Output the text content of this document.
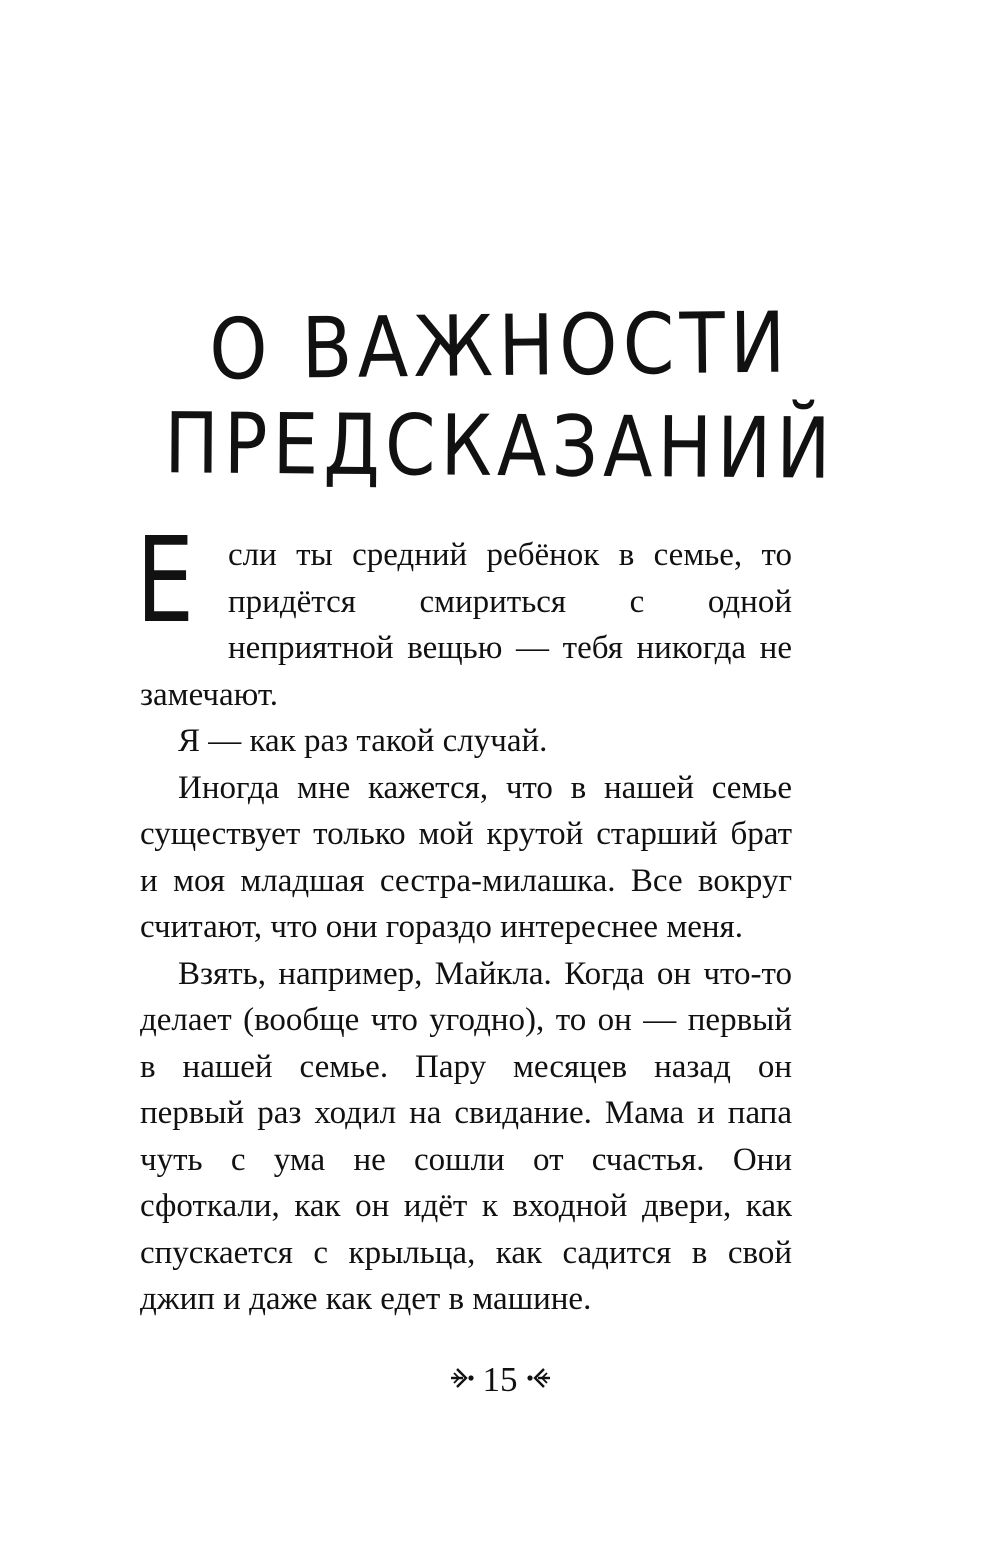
О ВАЖНОСТИ
ПРЕДСКАЗАНИЙ

Е сли ты средний ребёнок в семье, то придётся смириться с одной неприятной вещью — тебя никогда не замечают.

Я — как раз такой случай.

Иногда мне кажется, что в нашей семье существует только мой крутой старший брат и моя младшая сестра-милашка. Все вокруг считают, что они гораздо интереснее меня.

Взять, например, Майкла. Когда он что-то делает (вообще что угодно), то он — первый в нашей семье. Пару месяцев назад он первый раз ходил на свидание. Мама и папа чуть с ума не сошли от счастья. Они сфоткали, как он идёт к входной двери, как спускается с крыльца, как садится в свой джип и даже как едет в машине.

15
